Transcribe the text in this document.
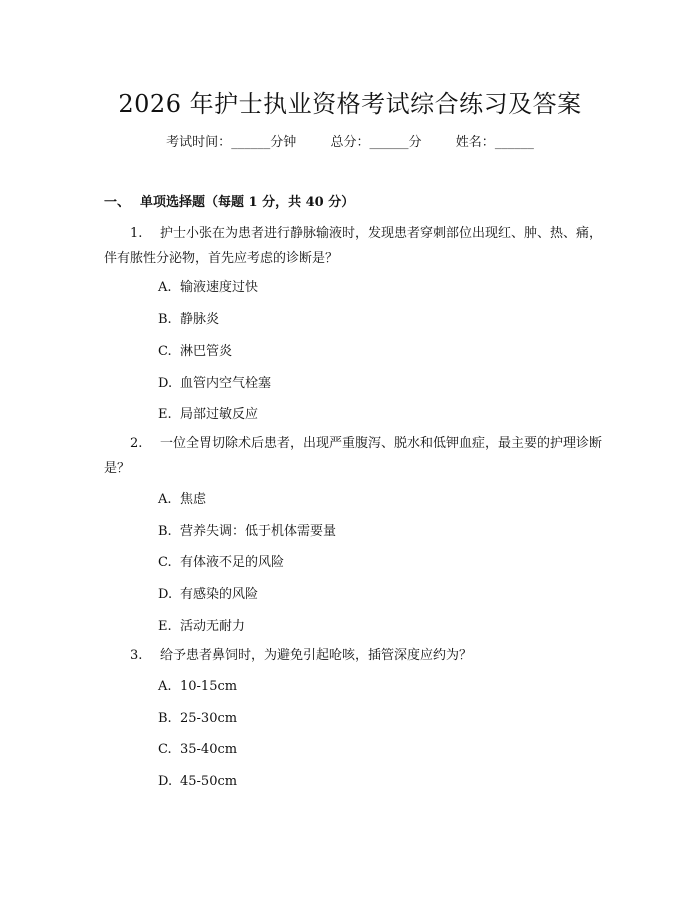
2026 年护士执业资格考试综合练习及答案
考试时间：______分钟	总分：______分	姓名：______
一、 单项选择题（每题 1 分，共 40 分）
1. 护士小张在为患者进行静脉输液时，发现患者穿刺部位出现红、肿、热、痛，伴有脓性分泌物，首先应考虑的诊断是？
A. 输液速度过快
B. 静脉炎
C. 淋巴管炎
D. 血管内空气栓塞
E. 局部过敏反应
2. 一位全胃切除术后患者，出现严重腹泻、脱水和低钾血症，最主要的护理诊断是？
A. 焦虑
B. 营养失调：低于机体需要量
C. 有体液不足的风险
D. 有感染的风险
E. 活动无耐力
3. 给予患者鼻饲时，为避免引起呛咳，插管深度应约为？
A. 10-15cm
B. 25-30cm
C. 35-40cm
D. 45-50cm
